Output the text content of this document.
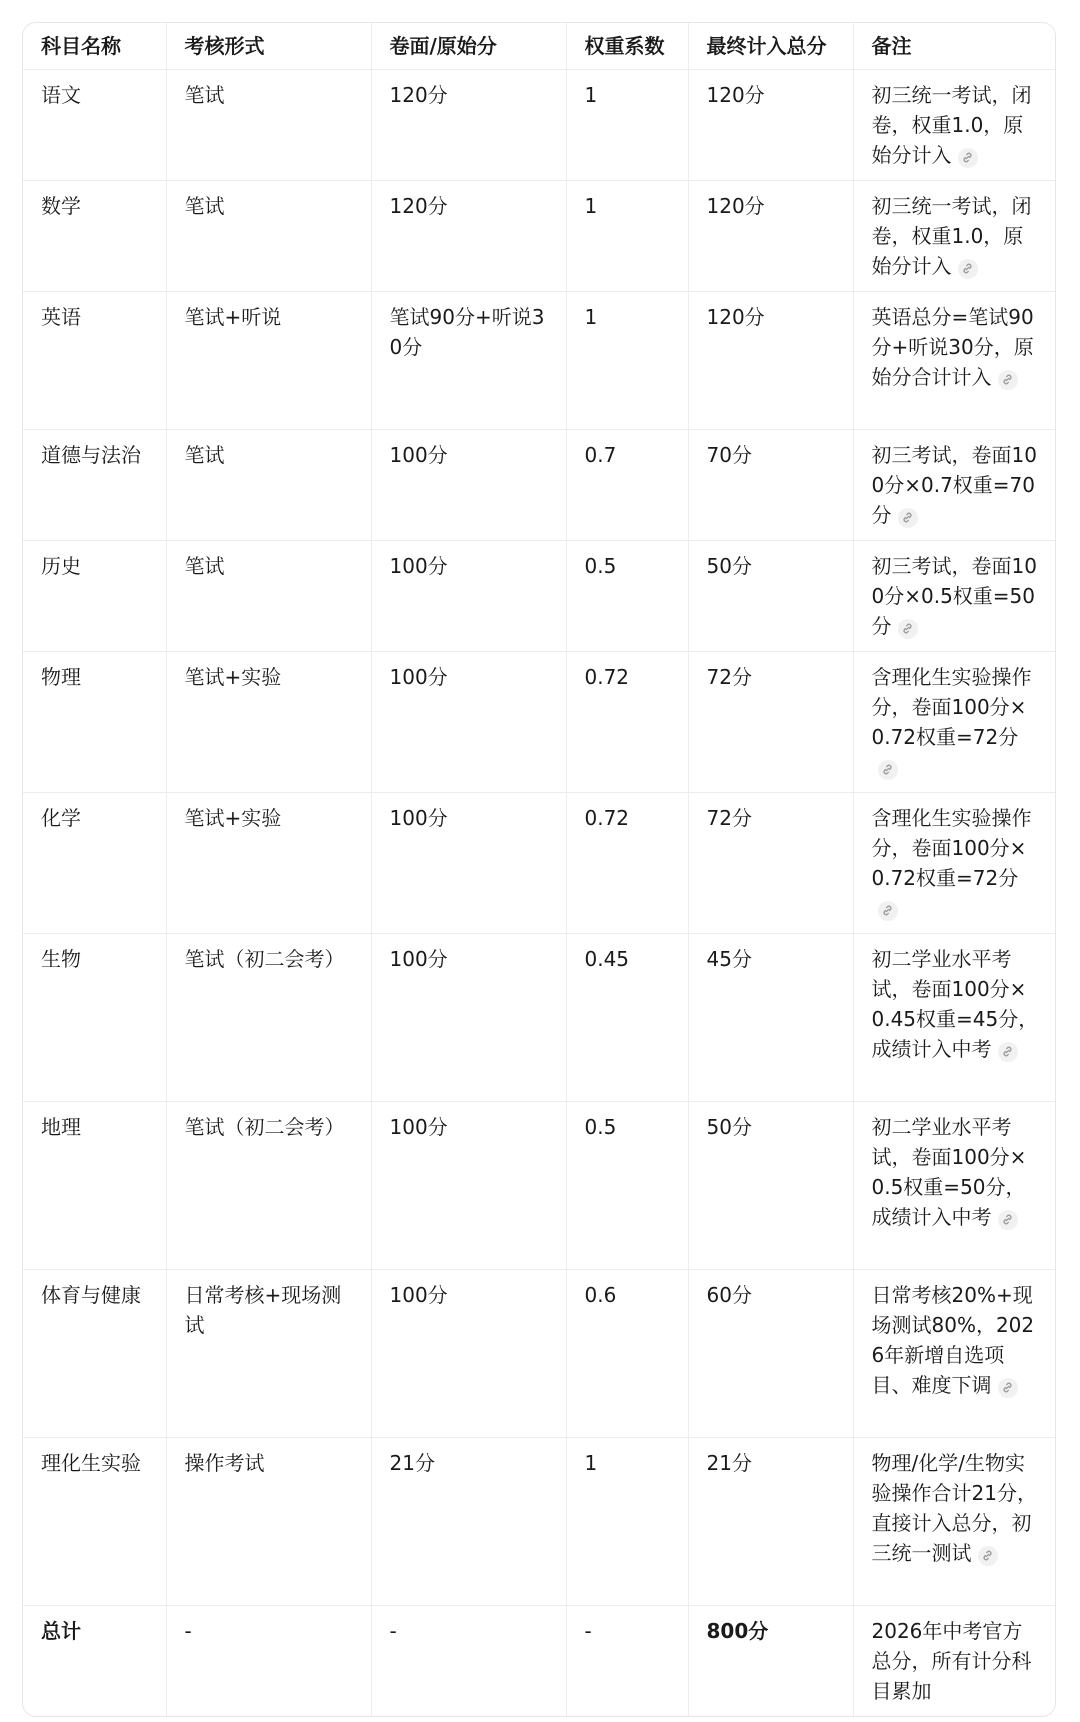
科目名称	考核形式	卷面/原始分	权重系数	最终计入总分	备注
语文	笔试	120分	1	120分	初三统一考试，闭卷，权重1.0，原始分计入

数学	笔试	120分	1	120分	初三统一考试，闭卷，权重1.0，原始分计入

英语	笔试+听说	笔试90分+听说30分	1	120分	英语总分=笔试90分+听说30分，原始分合计计入

道德与法治	笔试	100分	0.7	70分	初三考试，卷面100分×0.7权重=70分

历史	笔试	100分	0.5	50分	初三考试，卷面100分×0.5权重=50分

物理	笔试+实验	100分	0.72	72分	含理化生实验操作分，卷面100分×0.72权重=72分

化学	笔试+实验	100分	0.72	72分	含理化生实验操作分，卷面100分×0.72权重=72分

生物	笔试（初二会考）	100分	0.45	45分	初二学业水平考试，卷面100分×0.45权重=45分，成绩计入中考

地理	笔试（初二会考）	100分	0.5	50分	初二学业水平考试，卷面100分×0.5权重=50分，成绩计入中考

体育与健康	日常考核+现场测试	100分	0.6	60分	日常考核20%+现场测试80%，2026年新增自选项目、难度下调

理化生实验	操作考试	21分	1	21分	物理/化学/生物实验操作合计21分，直接计入总分，初三统一测试

总计	-	-	-	800分	2026年中考官方总分，所有计分科目累加
